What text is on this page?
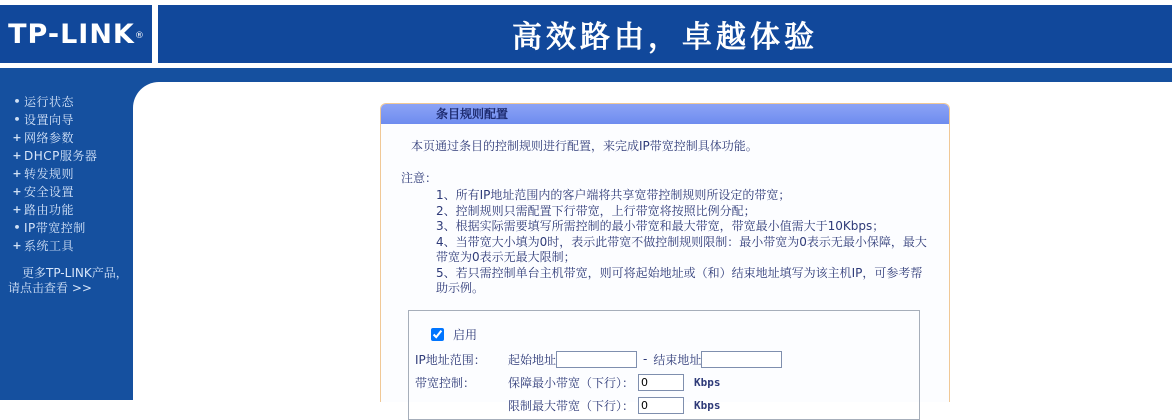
TP-LINK ®	高效路由，卓越体验
• 运行状态
• 设置向导
+ 网络参数
+ DHCP服务器
+ 转发规则
+ 安全设置
+ 路由功能
• IP带宽控制
+ 系统工具
更多TP-LINK产品，
请点击查看 >>
条目规则配置

本页通过条目的控制规则进行配置，来完成IP带宽控制具体功能。

注意：

1、所有IP地址范围内的客户端将共享宽带控制规则所设定的带宽；
2、控制规则只需配置下行带宽，上行带宽将按照比例分配；
3、根据实际需要填写所需控制的最小带宽和最大带宽，带宽最小值需大于10Kbps；
4、当带宽大小填为0时，表示此带宽不做控制规则限制：最小带宽为0表示无最小保障，最大带宽为0表示无最大限制；
5、若只需控制单台主机带宽，则可将起始地址或（和）结束地址填写为该主机IP，可参考帮助示例。
启用
IP地址范围：	起始地址	- 结束地址
带宽控制：	保障最小带宽（下行）：
0	Kbps
限制最大带宽（下行）：
0	Kbps
